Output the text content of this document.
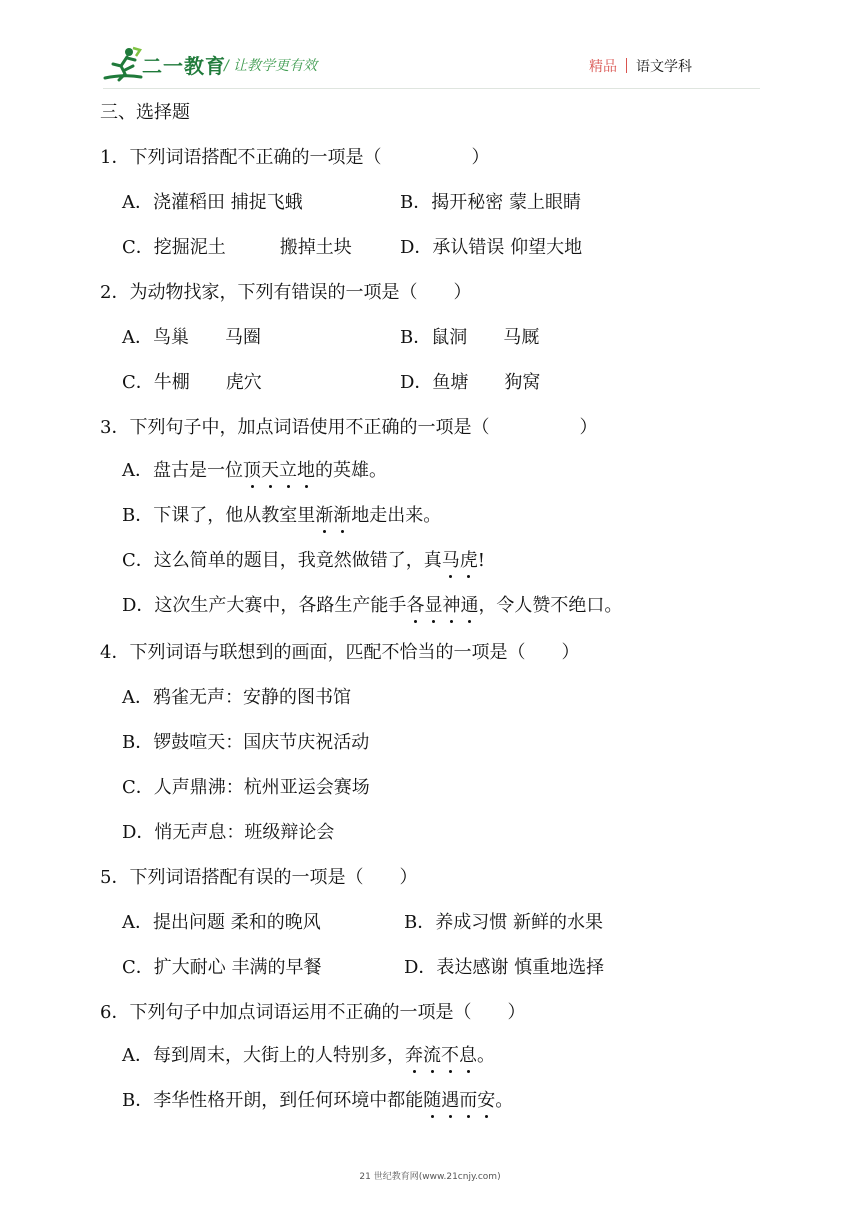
二一教育
/ 让教学更有效	精品 语文学科
三、选择题
1．下列词语搭配不正确的一项是（　　　　　）
A．浇灌稻田 捕捉飞蛾	B．揭开秘密 蒙上眼睛
C．挖掘泥土　　　搬掉土块	D．承认错误 仰望大地
2．为动物找家，下列有错误的一项是（　　）
A．鸟巢　　马圈	B．鼠洞　　马厩
C．牛棚　　虎穴	D．鱼塘　　狗窝
3．下列句子中，加点词语使用不正确的一项是（　　　　　）
A．盘古是一位顶天立地的英雄。
B．下课了，他从教室里渐渐地走出来。
C．这么简单的题目，我竟然做错了，真马虎!
D．这次生产大赛中，各路生产能手各显神通，令人赞不绝口。
4．下列词语与联想到的画面，匹配不恰当的一项是（　　）
A．鸦雀无声：安静的图书馆
B．锣鼓喧天：国庆节庆祝活动
C．人声鼎沸：杭州亚运会赛场
D．悄无声息：班级辩论会
5．下列词语搭配有误的一项是（　　）
A．提出问题 柔和的晚风	B．养成习惯 新鲜的水果
C．扩大耐心 丰满的早餐	D．表达感谢 慎重地选择
6．下列句子中加点词语运用不正确的一项是（　　）
A．每到周末，大街上的人特别多，奔流不息。
B．李华性格开朗，到任何环境中都能随遇而安。
21 世纪教育网(www.21cnjy.com)
